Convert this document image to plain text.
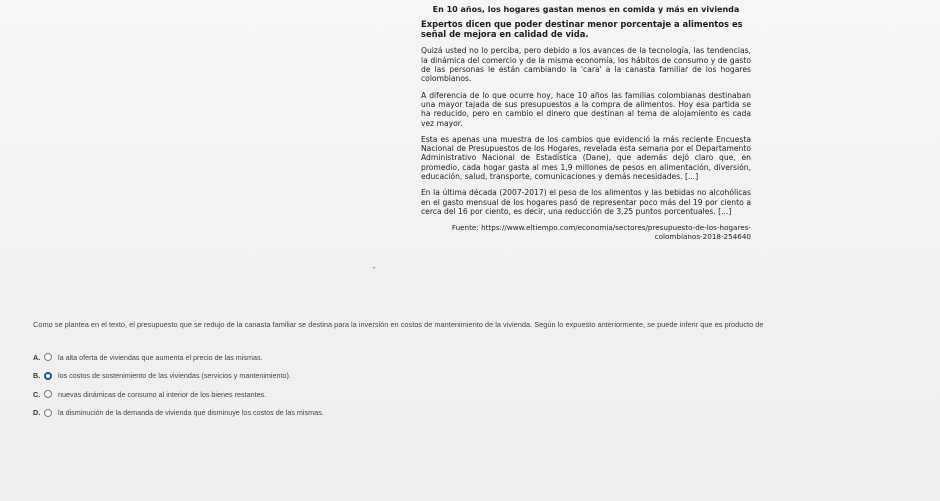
En 10 años, los hogares gastan menos en comida y más en vivienda

Expertos dicen que poder destinar menor porcentaje a alimentos es señal de mejora en calidad de vida.

Quizá usted no lo perciba, pero debido a los avances de la tecnología, las tendencias, la dinámica del comercio y de la misma economía, los hábitos de consumo y de gasto de las personas le están cambiando la 'cara' a la canasta familiar de los hogares colombianos.

A diferencia de lo que ocurre hoy, hace 10 años las familias colombianas destinaban una mayor tajada de sus presupuestos a la compra de alimentos. Hoy esa partida se ha reducido, pero en cambio el dinero que destinan al tema de alojamiento es cada vez mayor.

Esta es apenas una muestra de los cambios que evidenció la más reciente Encuesta Nacional de Presupuestos de los Hogares, revelada esta semana por el Departamento Administrativo Nacional de Estadística (Dane), que además dejó claro que, en promedio, cada hogar gasta al mes 1,9 millones de pesos en alimentación, diversión, educación, salud, transporte, comunicaciones y demás necesidades. [...]

En la última década (2007-2017) el peso de los alimentos y las bebidas no alcohólicas en el gasto mensual de los hogares pasó de representar poco más del 19 por ciento a cerca del 16 por ciento, es decir, una reducción de 3,25 puntos porcentuales. [...]

Fuente: https://www.eltiempo.com/economia/sectores/presupuesto-de-los-hogares-colombianos-2018-254640

⌃
Como se plantea en el texto, el presupuesto que se redujo de la canasta familiar se destina para la inversión en costos de mantenimiento de la vivienda. Según lo expuesto anteriormente, se puede inferir que es producto de
A.	la alta oferta de viviendas que aumenta el precio de las mismas.
B.	los costos de sostenimiento de las viviendas (servicios y mantenimiento).
C.	nuevas dinámicas de consumo al interior de los bienes restantes.
D.	la disminución de la demanda de vivienda que disminuye los costos de las mismas.
